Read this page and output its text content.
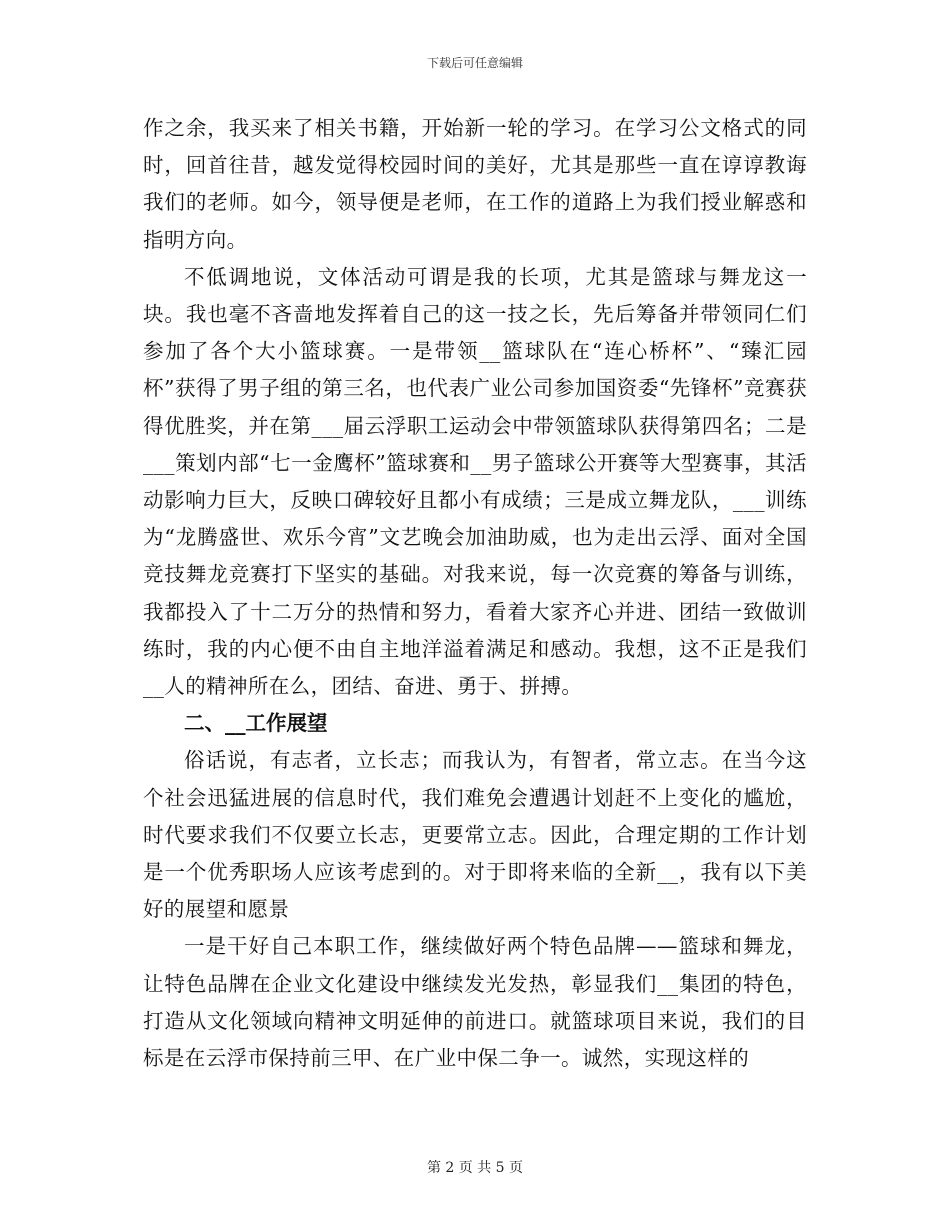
下载后可任意编辑

作之余，我买来了相关书籍，开始新一轮的学习。在学习公文格式的同时，回首往昔，越发觉得校园时间的美好，尤其是那些一直在谆谆教诲我们的老师。如今，领导便是老师，在工作的道路上为我们授业解惑和指明方向。

不低调地说，文体活动可谓是我的长项，尤其是篮球与舞龙这一块。我也毫不吝啬地发挥着自己的这一技之长，先后筹备并带领同仁们参加了各个大小篮球赛。一是带领__篮球队在“连心桥杯”、“臻汇园杯”获得了男子组的第三名，也代表广业公司参加国资委“先锋杯”竞赛获得优胜奖，并在第___届云浮职工运动会中带领篮球队获得第四名；二是___策划内部“七一金鹰杯”篮球赛和__男子篮球公开赛等大型赛事，其活动影响力巨大，反映口碑较好且都小有成绩；三是成立舞龙队，___训练为“龙腾盛世、欢乐今宵”文艺晚会加油助威，也为走出云浮、面对全国竞技舞龙竞赛打下坚实的基础。对我来说，每一次竞赛的筹备与训练，我都投入了十二万分的热情和努力，看着大家齐心并进、团结一致做训练时，我的内心便不由自主地洋溢着满足和感动。我想，这不正是我们__人的精神所在么，团结、奋进、勇于、拼搏。

二、__工作展望

俗话说，有志者，立长志；而我认为，有智者，常立志。在当今这个社会迅猛进展的信息时代，我们难免会遭遇计划赶不上变化的尴尬，时代要求我们不仅要立长志，更要常立志。因此，合理定期的工作计划是一个优秀职场人应该考虑到的。对于即将来临的全新__，我有以下美好的展望和愿景

一是干好自己本职工作，继续做好两个特色品牌——篮球和舞龙，让特色品牌在企业文化建设中继续发光发热，彰显我们__集团的特色，打造从文化领域向精神文明延伸的前进口。就篮球项目来说，我们的目标是在云浮市保持前三甲、在广业中保二争一。诚然，实现这样的

第 2 页 共 5 页
